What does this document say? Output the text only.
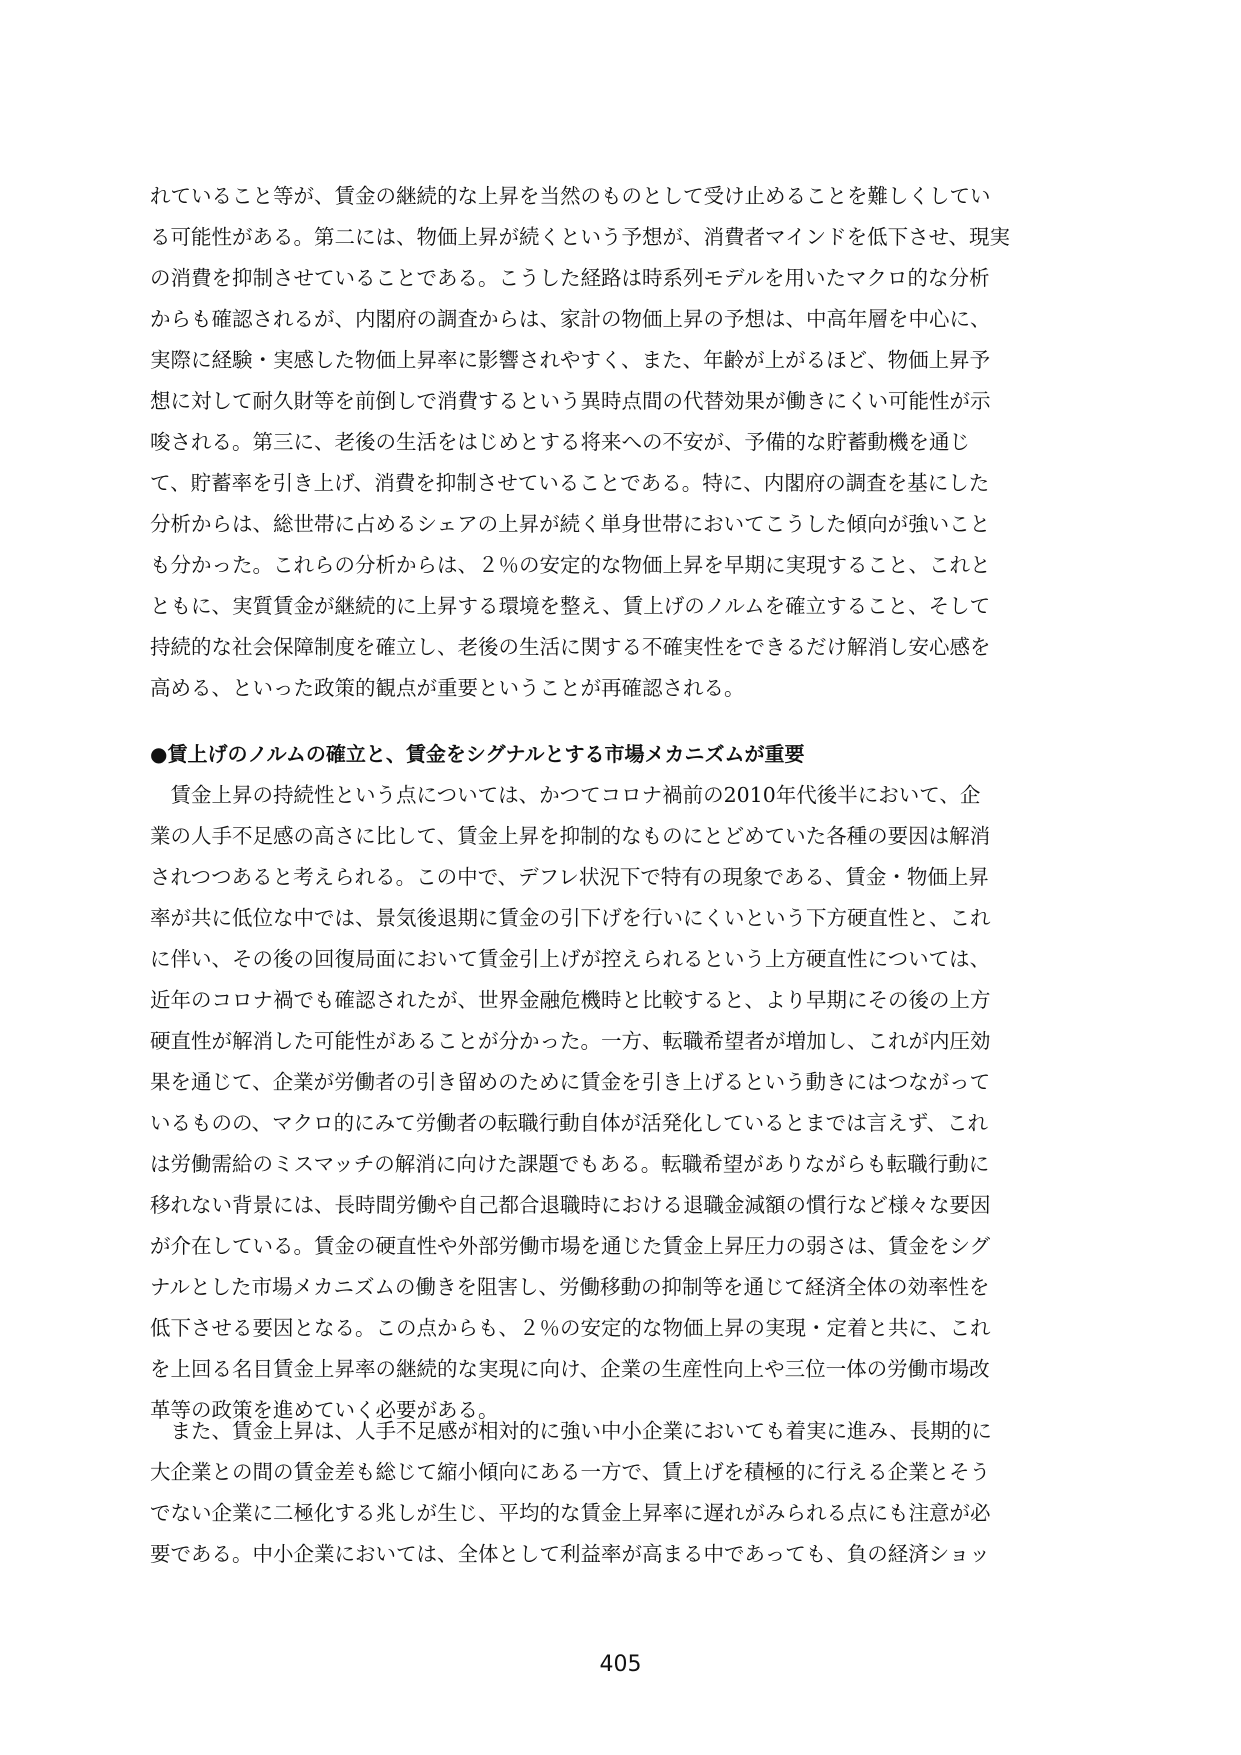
れていること等が、賃金の継続的な上昇を当然のものとして受け止めることを難しくしてい
る可能性がある。第二には、物価上昇が続くという予想が、消費者マインドを低下させ、現実
の消費を抑制させていることである。こうした経路は時系列モデルを用いたマクロ的な分析
からも確認されるが、内閣府の調査からは、家計の物価上昇の予想は、中高年層を中心に、
実際に経験・実感した物価上昇率に影響されやすく、また、年齢が上がるほど、物価上昇予
想に対して耐久財等を前倒しで消費するという異時点間の代替効果が働きにくい可能性が示
唆される。第三に、老後の生活をはじめとする将来への不安が、予備的な貯蓄動機を通じ
て、貯蓄率を引き上げ、消費を抑制させていることである。特に、内閣府の調査を基にした
分析からは、総世帯に占めるシェアの上昇が続く単身世帯においてこうした傾向が強いこと
も分かった。これらの分析からは、２％の安定的な物価上昇を早期に実現すること、これと
ともに、実質賃金が継続的に上昇する環境を整え、賃上げのノルムを確立すること、そして
持続的な社会保障制度を確立し、老後の生活に関する不確実性をできるだけ解消し安心感を
高める、といった政策的観点が重要ということが再確認される。
●賃上げのノルムの確立と、賃金をシグナルとする市場メカニズムが重要
　賃金上昇の持続性という点については、かつてコロナ禍前の2010年代後半において、企
業の人手不足感の高さに比して、賃金上昇を抑制的なものにとどめていた各種の要因は解消
されつつあると考えられる。この中で、デフレ状況下で特有の現象である、賃金・物価上昇
率が共に低位な中では、景気後退期に賃金の引下げを行いにくいという下方硬直性と、これ
に伴い、その後の回復局面において賃金引上げが控えられるという上方硬直性については、
近年のコロナ禍でも確認されたが、世界金融危機時と比較すると、より早期にその後の上方
硬直性が解消した可能性があることが分かった。一方、転職希望者が増加し、これが内圧効
果を通じて、企業が労働者の引き留めのために賃金を引き上げるという動きにはつながって
いるものの、マクロ的にみて労働者の転職行動自体が活発化しているとまでは言えず、これ
は労働需給のミスマッチの解消に向けた課題でもある。転職希望がありながらも転職行動に
移れない背景には、長時間労働や自己都合退職時における退職金減額の慣行など様々な要因
が介在している。賃金の硬直性や外部労働市場を通じた賃金上昇圧力の弱さは、賃金をシグ
ナルとした市場メカニズムの働きを阻害し、労働移動の抑制等を通じて経済全体の効率性を
低下させる要因となる。この点からも、２％の安定的な物価上昇の実現・定着と共に、これ
を上回る名目賃金上昇率の継続的な実現に向け、企業の生産性向上や三位一体の労働市場改
革等の政策を進めていく必要がある。
　また、賃金上昇は、人手不足感が相対的に強い中小企業においても着実に進み、長期的に
大企業との間の賃金差も総じて縮小傾向にある一方で、賃上げを積極的に行える企業とそう
でない企業に二極化する兆しが生じ、平均的な賃金上昇率に遅れがみられる点にも注意が必
要である。中小企業においては、全体として利益率が高まる中であっても、負の経済ショッ
405
